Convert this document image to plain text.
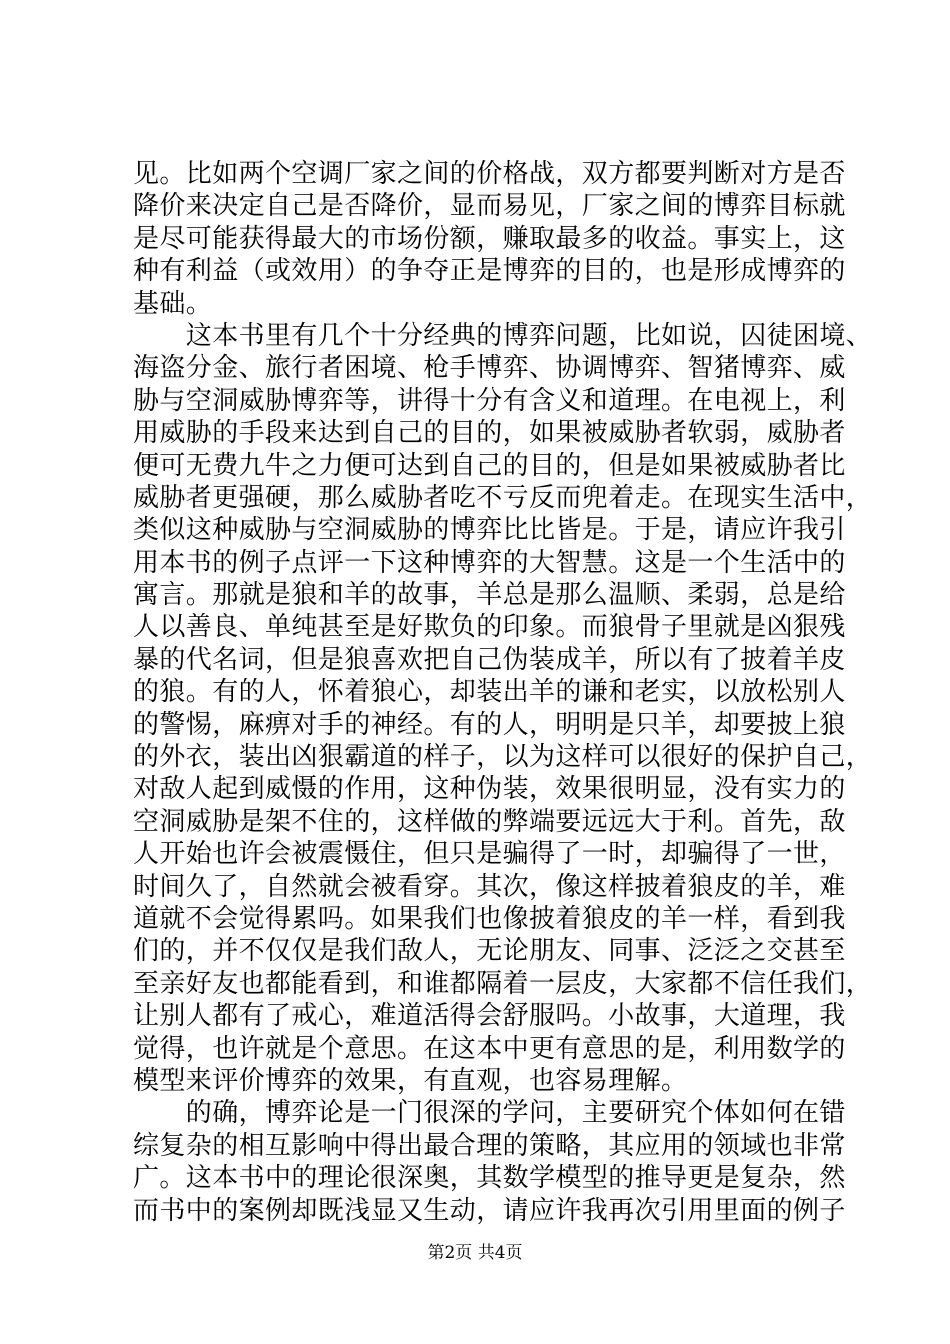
见。比如两个空调厂家之间的价格战，双方都要判断对方是否
降价来决定自己是否降价，显而易见，厂家之间的博弈目标就
是尽可能获得最大的市场份额，赚取最多的收益。事实上，这
种有利益（或效用）的争夺正是博弈的目的，也是形成博弈的
基础。
　　这本书里有几个十分经典的博弈问题，比如说，囚徒困境、
海盗分金、旅行者困境、枪手博弈、协调博弈、智猪博弈、威
胁与空洞威胁博弈等，讲得十分有含义和道理。在电视上，利
用威胁的手段来达到自己的目的，如果被威胁者软弱，威胁者
便可无费九牛之力便可达到自己的目的，但是如果被威胁者比
威胁者更强硬，那么威胁者吃不亏反而兜着走。在现实生活中，
类似这种威胁与空洞威胁的博弈比比皆是。于是，请应许我引
用本书的例子点评一下这种博弈的大智慧。这是一个生活中的
寓言。那就是狼和羊的故事，羊总是那么温顺、柔弱，总是给
人以善良、单纯甚至是好欺负的印象。而狼骨子里就是凶狠残
暴的代名词，但是狼喜欢把自己伪装成羊，所以有了披着羊皮
的狼。有的人，怀着狼心，却装出羊的谦和老实，以放松别人
的警惕，麻痹对手的神经。有的人，明明是只羊，却要披上狼
的外衣，装出凶狠霸道的样子，以为这样可以很好的保护自己，
对敌人起到威慑的作用，这种伪装，效果很明显，没有实力的
空洞威胁是架不住的，这样做的弊端要远远大于利。首先，敌
人开始也许会被震慑住，但只是骗得了一时，却骗得了一世，
时间久了，自然就会被看穿。其次，像这样披着狼皮的羊，难
道就不会觉得累吗。如果我们也像披着狼皮的羊一样，看到我
们的，并不仅仅是我们敌人，无论朋友、同事、泛泛之交甚至
至亲好友也都能看到，和谁都隔着一层皮，大家都不信任我们，
让别人都有了戒心，难道活得会舒服吗。小故事，大道理，我
觉得，也许就是个意思。在这本中更有意思的是，利用数学的
模型来评价博弈的效果，有直观，也容易理解。
　　的确，博弈论是一门很深的学问，主要研究个体如何在错
综复杂的相互影响中得出最合理的策略，其应用的领域也非常
广。这本书中的理论很深奥，其数学模型的推导更是复杂，然
而书中的案例却既浅显又生动，请应许我再次引用里面的例子
第2页 共4页
